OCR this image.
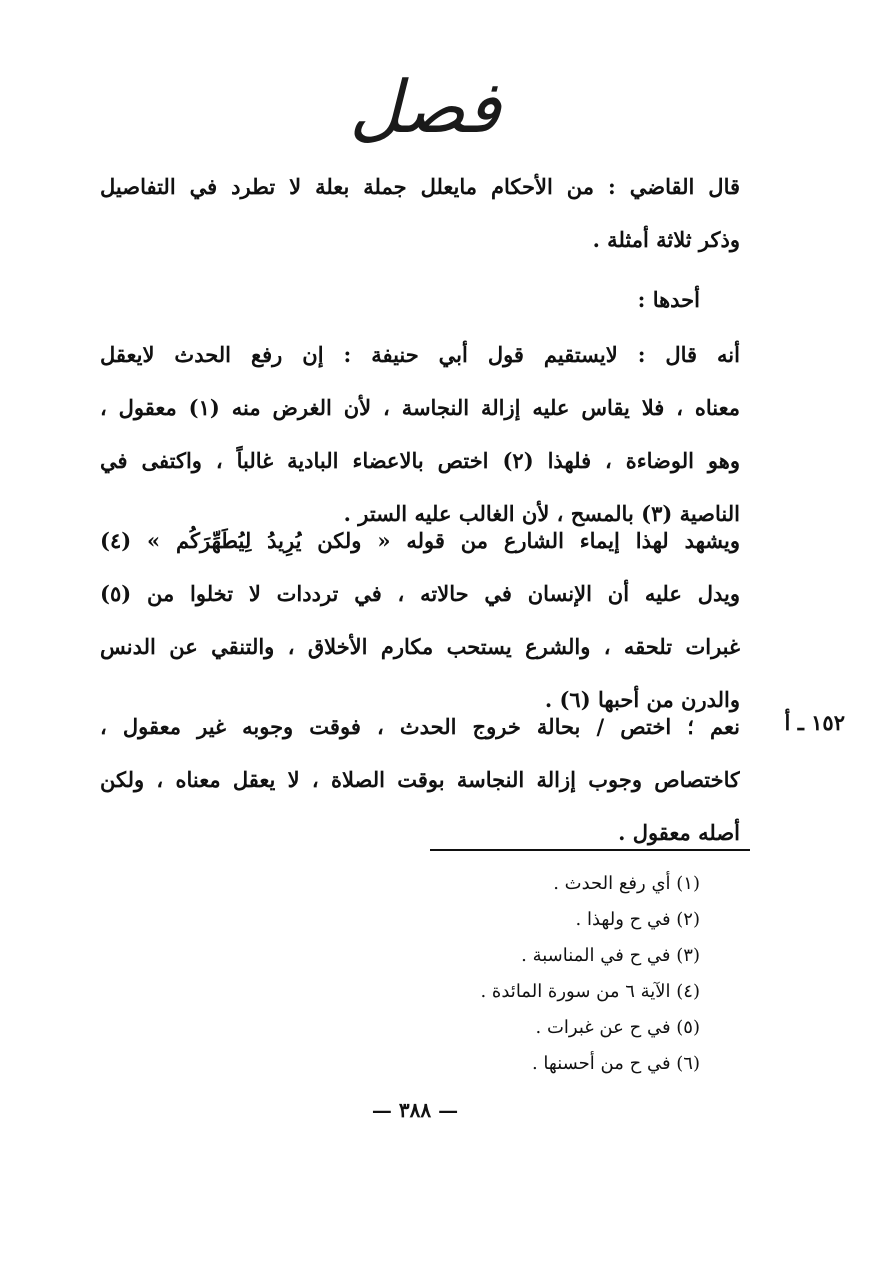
فصل
قال القاضي : من الأحكام مايعلل جملة بعلة لا تطرد في التفاصيل
وذكر ثلاثة أمثلة .
أحدها :
أنه قال : لايستقيم قول أبي حنيفة : إن رفع الحدث لايعقل
معناه ، فلا يقاس عليه إزالة النجاسة ، لأن الغرض منه (١) معقول ،
وهو الوضاءة ، فلهذا (٢) اختص بالاعضاء البادية غالباً ، واكتفى في
الناصية (٣) بالمسح ، لأن الغالب عليه الستر .
ويشهد لهذا إيماء الشارع من قوله « ولكن يُرِيدُ لِيُطَهِّرَكُم » (٤)
ويدل عليه أن الإنسان في حالاته ، في ترددات لا تخلوا من (٥)
غبرات تلحقه ، والشرع يستحب مكارم الأخلاق ، والتنقي عن الدنس
والدرن من أحبها (٦) .
١٥٢ ـ أ
نعم ؛ اختص / بحالة خروج الحدث ، فوقت وجوبه غير معقول ،
كاختصاص وجوب إزالة النجاسة بوقت الصلاة ، لا يعقل معناه ، ولكن
أصله معقول .
(١) أي رفع الحدث .
(٢) في ح ولهذا .
(٣) في ح في المناسبة .
(٤) الآية ٦ من سورة المائدة .
(٥) في ح عن غبرات .
(٦) في ح من أحسنها .
— ٣٨٨ —
